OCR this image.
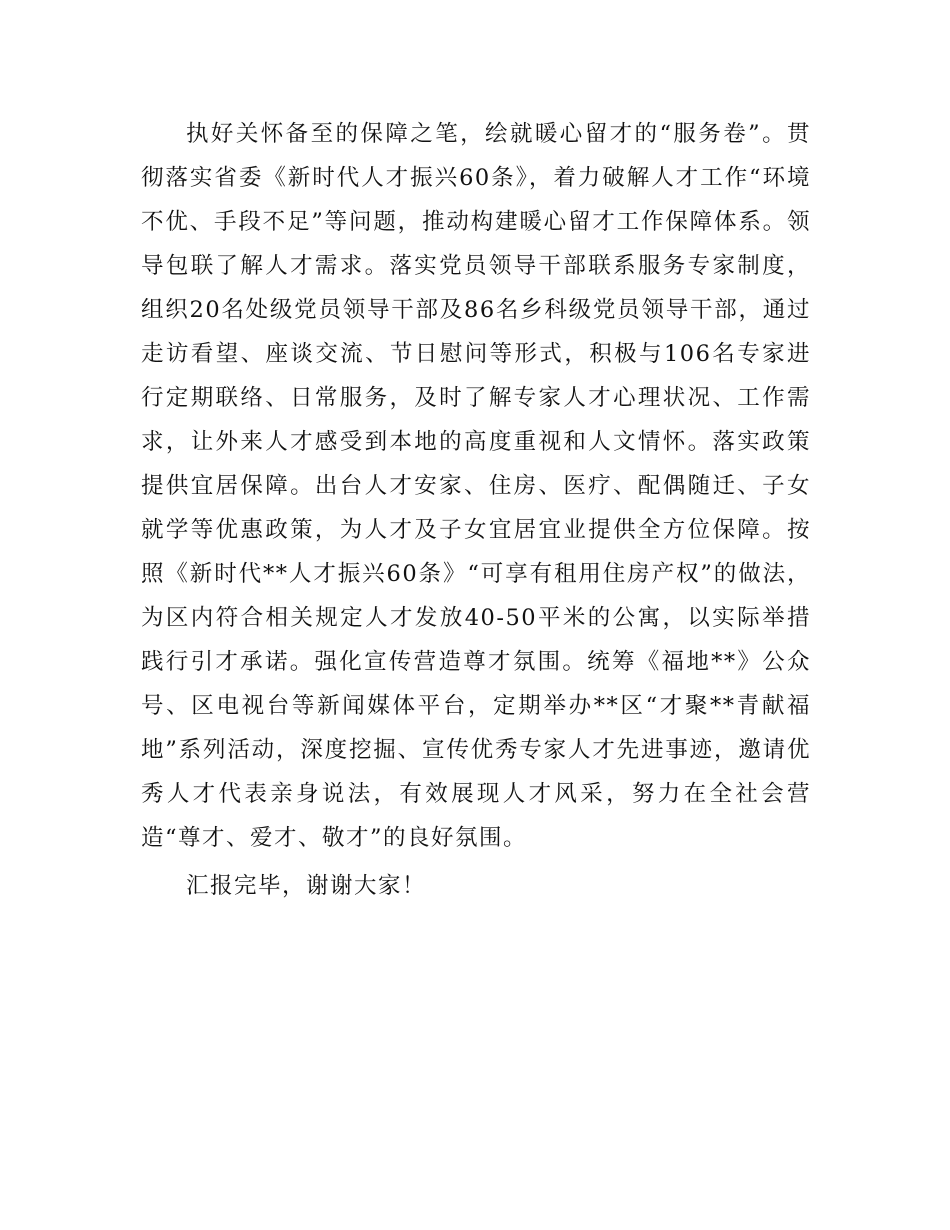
执好关怀备至的保障之笔，绘就暖心留才的“服务卷”。贯彻落实省委《新时代人才振兴60条》，着力破解人才工作“环境不优、手段不足”等问题，推动构建暖心留才工作保障体系。领导包联了解人才需求。落实党员领导干部联系服务专家制度，组织20名处级党员领导干部及86名乡科级党员领导干部，通过走访看望、座谈交流、节日慰问等形式，积极与106名专家进行定期联络、日常服务，及时了解专家人才心理状况、工作需求，让外来人才感受到本地的高度重视和人文情怀。落实政策提供宜居保障。出台人才安家、住房、医疗、配偶随迁、子女就学等优惠政策，为人才及子女宜居宜业提供全方位保障。按照《新时代**人才振兴60条》“可享有租用住房产权”的做法，为区内符合相关规定人才发放40-50平米的公寓，以实际举措践行引才承诺。强化宣传营造尊才氛围。统筹《福地**》公众号、区电视台等新闻媒体平台，定期举办**区“才聚**青献福地”系列活动，深度挖掘、宣传优秀专家人才先进事迹，邀请优秀人才代表亲身说法，有效展现人才风采，努力在全社会营造“尊才、爱才、敬才”的良好氛围。

汇报完毕，谢谢大家！
